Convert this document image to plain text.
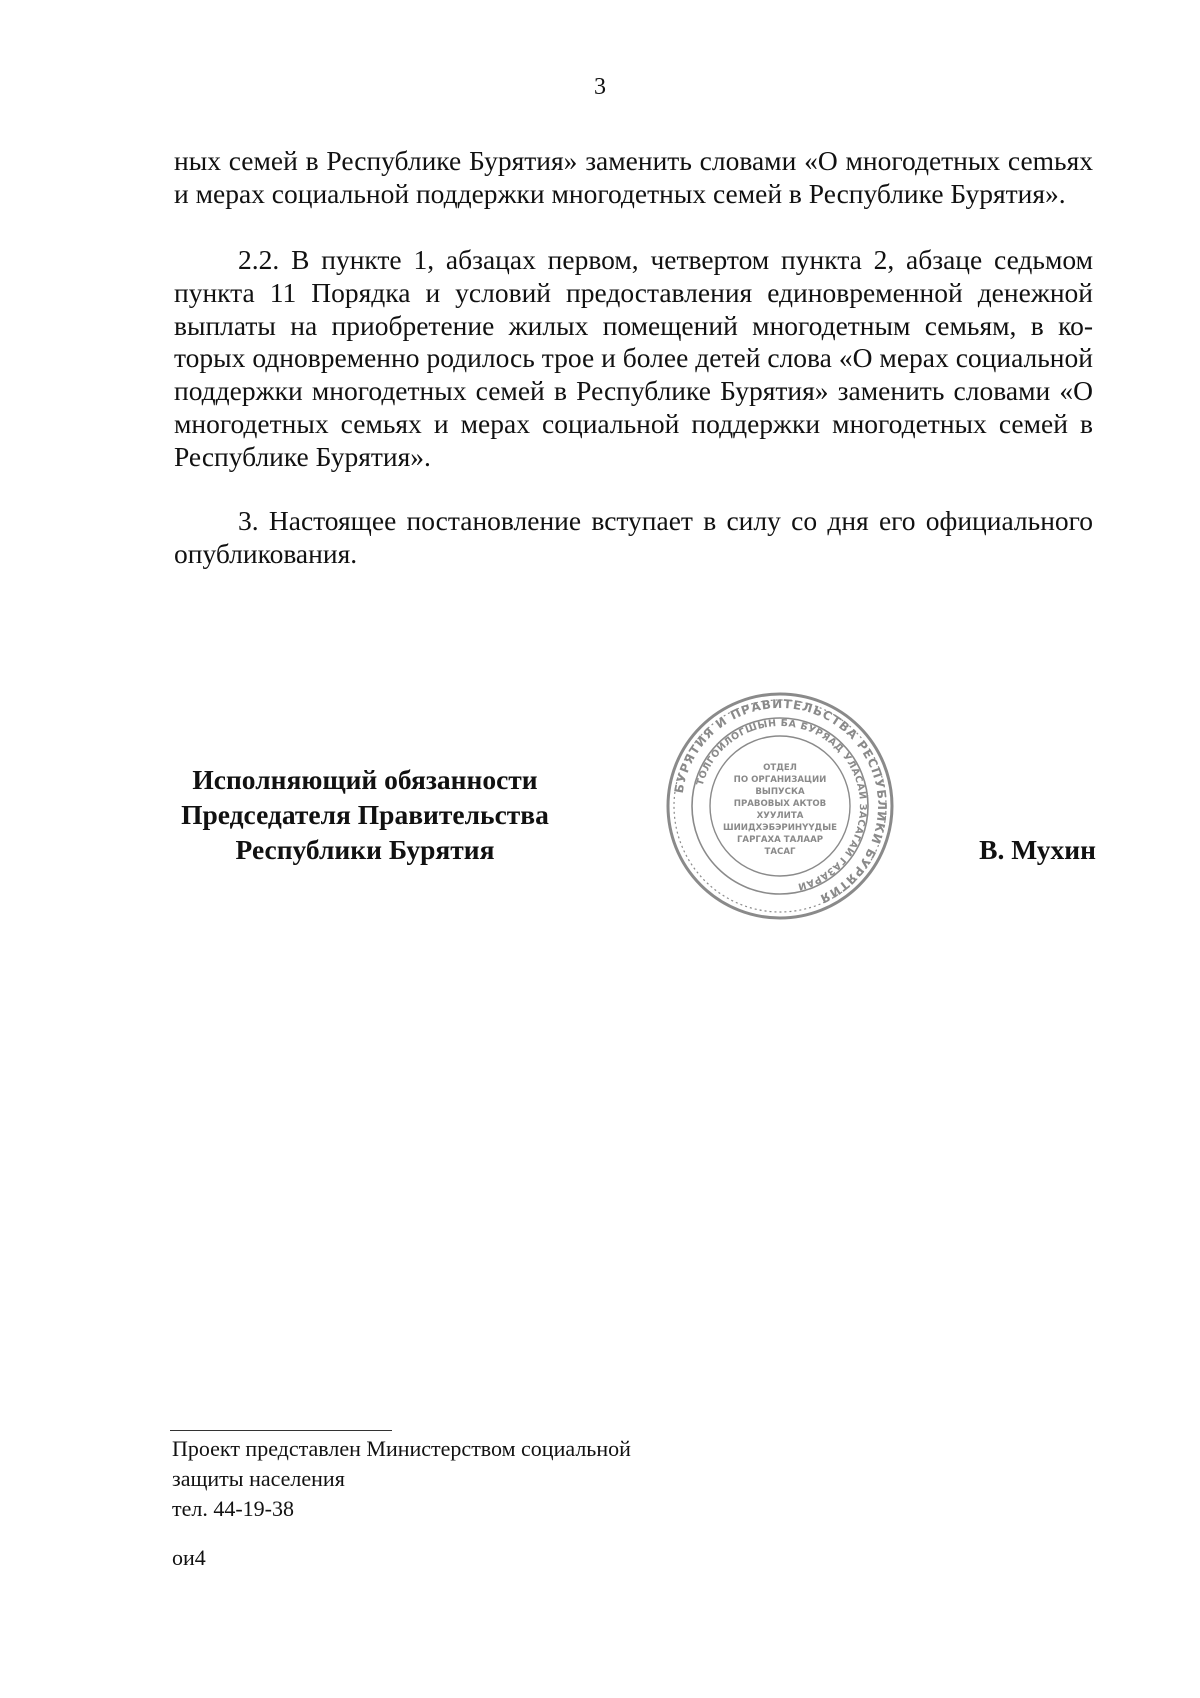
3

ных семей в Республике Бурятия» заменить словами «О многодетных сеmьях и мерах социальной поддержки многодетных семей в Республике Бурятия».

2.2. В пункте 1, абзацах первом, четвертом пункта 2, абзаце седьмом пункта 11 Порядка и условий предоставления единовременной денежной выплаты на приобретение жилых помещений многодетным семьям, в которых одновременно родилось трое и более детей слова «О мерах социальной поддержки многодетных семей в Республике Бурятия» заменить словами «О многодетных семьях и мерах социальной поддержки многодетных семей в Республике Бурятия».

3. Настоящее постановление вступает в силу со дня его официального опубликования.

Исполняющий обязанности
Председателя Правительства
Республики Бурятия
БУРЯТИЯ И ПРАВИТЕЛЬСТВА РЕСПУБЛИКИ БУРЯТИЯ
ТОЛГОЙЛОГШЫН БА БУРЯАД УЛАСАЙ ЗАСАГАЙ ГАЗАРАЙ
ОТДЕЛ
ПО ОРГАНИЗАЦИИ
ВЫПУСКА
ПРАВОВЫХ АКТОВ
ХУУЛИТА
ШИИДХЭБЭРИНҮҮДЫЕ
ГАРГАХА ТАЛААР
ТАСАГ	В. Мухин
Проект представлен Министерством социальной
защиты населения
тел. 44-19-38
ои4
